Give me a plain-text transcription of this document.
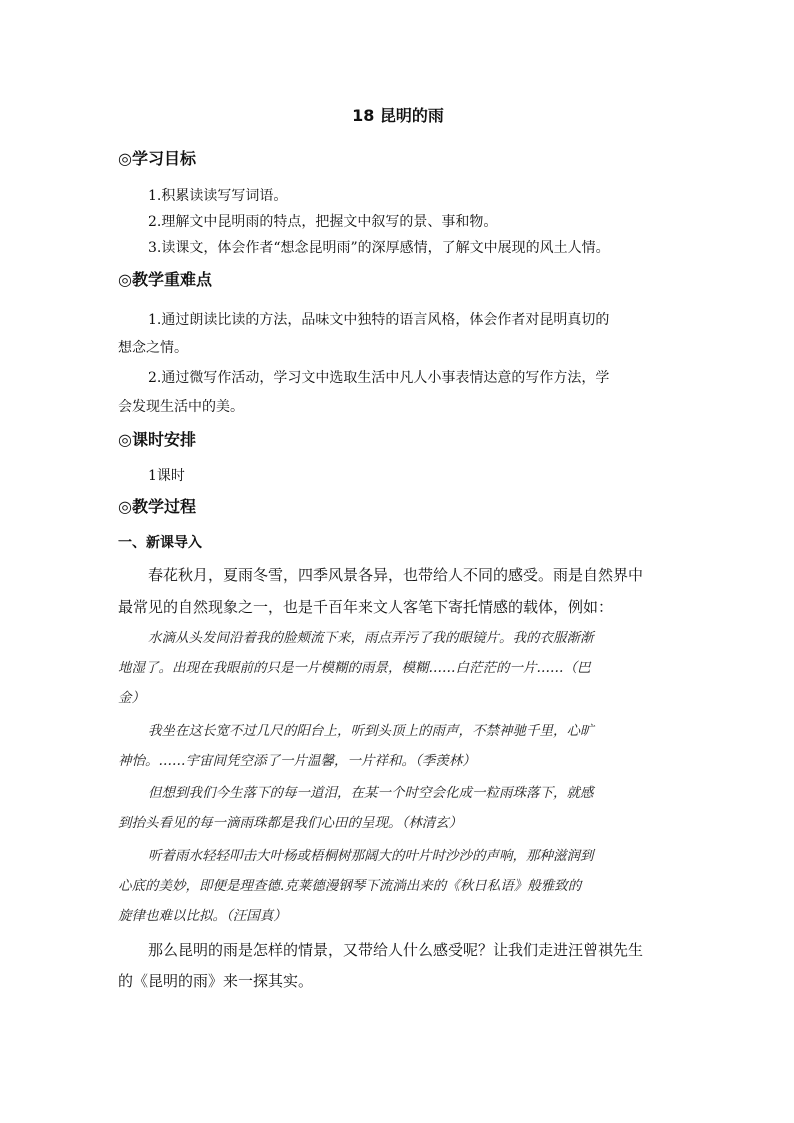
18 昆明的雨
◎学习目标
1.积累读读写写词语。
2.理解文中昆明雨的特点，把握文中叙写的景、事和物。
3.读课文，体会作者“想念昆明雨”的深厚感情，了解文中展现的风土人情。
◎教学重难点
1.通过朗读比读的方法，品味文中独特的语言风格，体会作者对昆明真切的
想念之情。
2.通过微写作活动，学习文中选取生活中凡人小事表情达意的写作方法，学
会发现生活中的美。
◎课时安排
1课时
◎教学过程
一、新课导入
春花秋月，夏雨冬雪，四季风景各异，也带给人不同的感受。雨是自然界中
最常见的自然现象之一，也是千百年来文人客笔下寄托情感的载体，例如：
水滴从头发间沿着我的脸颊流下来，雨点弄污了我的眼镜片。我的衣服渐渐
地湿了。出现在我眼前的只是一片模糊的雨景，模糊……白茫茫的一片……（巴
金）
我坐在这长宽不过几尺的阳台上，听到头顶上的雨声，不禁神驰千里，心旷
神怡。……宇宙间凭空添了一片温馨，一片祥和。（季羡林）
但想到我们今生落下的每一道泪，在某一个时空会化成一粒雨珠落下，就感
到抬头看见的每一滴雨珠都是我们心田的呈现。（林清玄）
听着雨水轻轻叩击大叶杨或梧桐树那阔大的叶片时沙沙的声响，那种滋润到
心底的美妙，即便是理查德.克莱德漫钢琴下流淌出来的《秋日私语》般雅致的
旋律也难以比拟。（汪国真）
那么昆明的雨是怎样的情景，又带给人什么感受呢？让我们走进汪曾祺先生
的《昆明的雨》来一探其实。
